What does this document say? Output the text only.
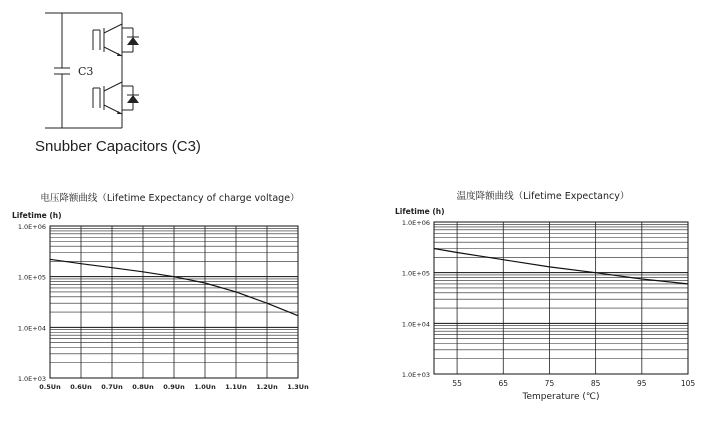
C3
Snubber Capacitors (C3)
电压降额曲线（Lifetime Expectancy of charge voltage）	温度降额曲线（Lifetime Expectancy）
1.0E+06
1.0E+05
1.0E+04
1.0E+03
0.5Un 0.6Un 0.7Un 0.8Un 0.9Un 1.0Un 1.1Un 1.2Un 1.3Un
Lifetime (h)
1.0E+06
1.0E+05
1.0E+04
1.0E+03
55	65	75	85	95	105
Lifetime (h)
Temperature (℃)
